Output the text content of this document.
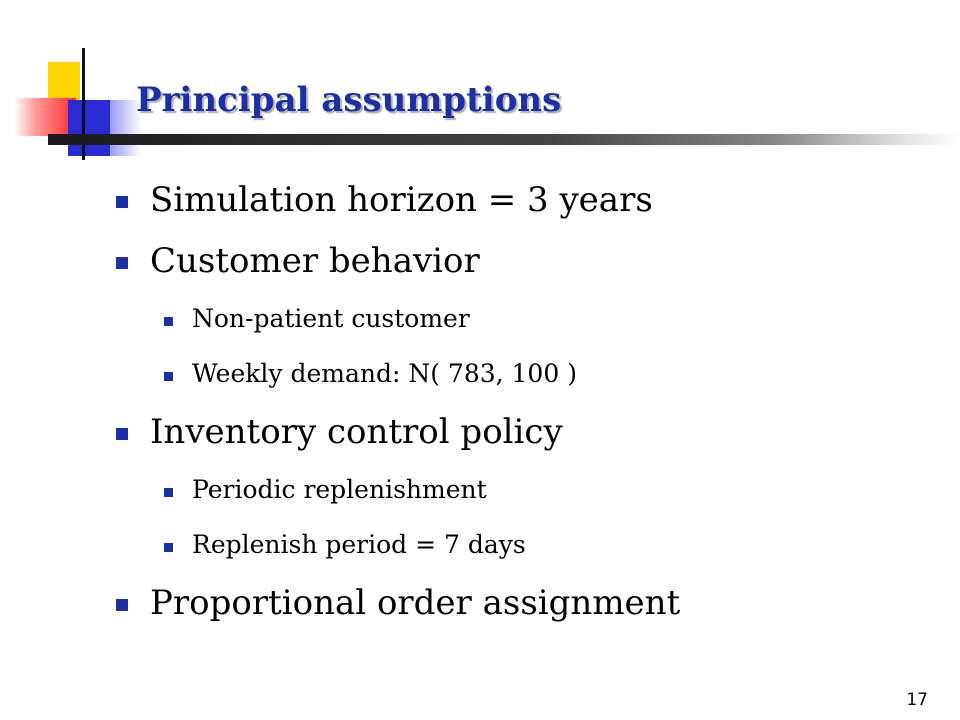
Principal assumptions
Simulation horizon = 3 years
Customer behavior
Non-patient customer
Weekly demand: N( 783, 100 )
Inventory control policy
Periodic replenishment
Replenish period = 7 days
Proportional order assignment
17
